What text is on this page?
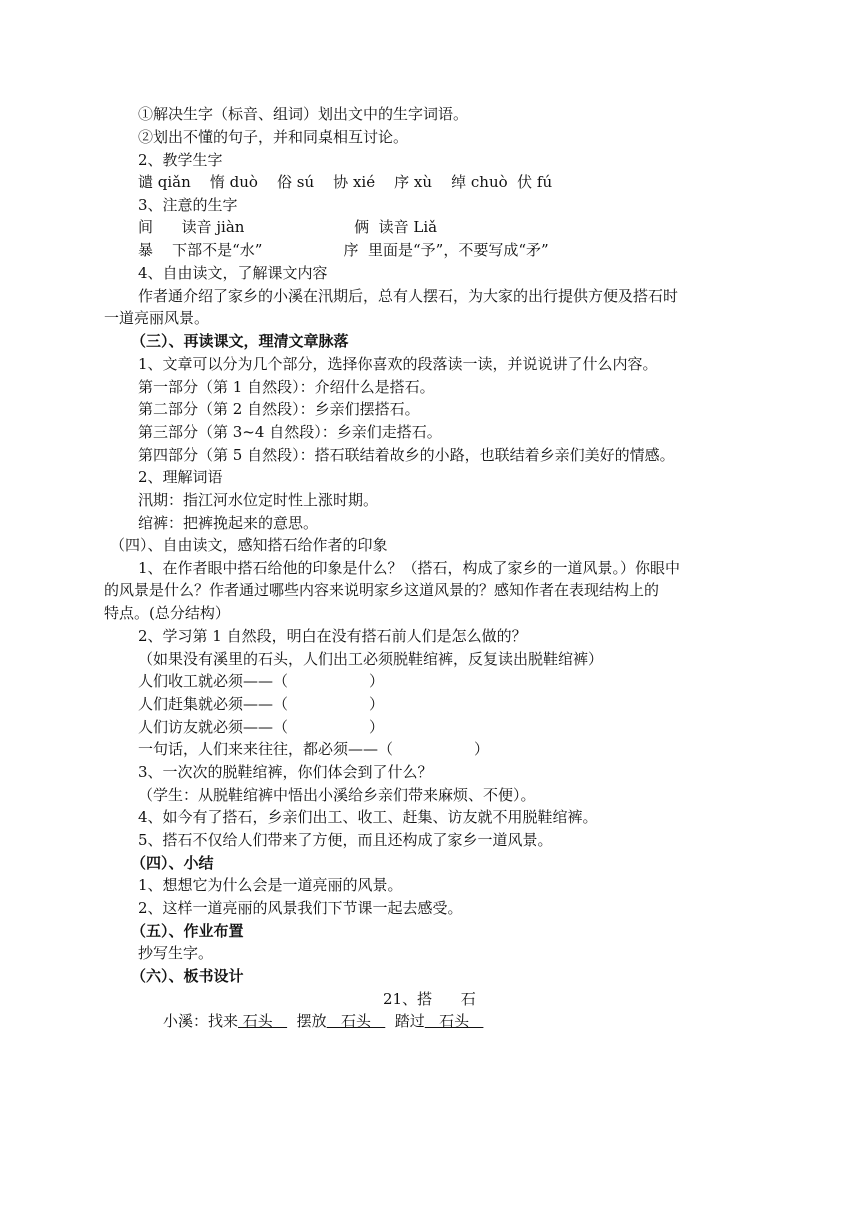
①解决生字（标音、组词）划出文中的生字词语。
②划出不懂的句子，并和同桌相互讨论。
2、教学生字
谴 qiǎn    惰 duò    俗 sú    协 xié    序 xù    绰 chuò  伏 fú
3、注意的生字
间      读音 jiàn                       俩  读音 Liǎ
暴    下部不是“水”                 序  里面是“予”，不要写成“矛”
4、自由读文，了解课文内容
作者通介绍了家乡的小溪在汛期后，总有人摆石，为大家的出行提供方便及搭石时
一道亮丽风景。
（三）、再读课文，理清文章脉落
1、文章可以分为几个部分，选择你喜欢的段落读一读，并说说讲了什么内容。
第一部分（第 1 自然段）：介绍什么是搭石。
第二部分（第 2 自然段）：乡亲们摆搭石。
第三部分（第 3~4 自然段）：乡亲们走搭石。
第四部分（第 5 自然段）：搭石联结着故乡的小路，也联结着乡亲们美好的情感。
2、理解词语
汛期：指江河水位定时性上涨时期。
绾裤：把裤挽起来的意思。
（四）、自由读文，感知搭石给作者的印象
1、在作者眼中搭石给他的印象是什么？（搭石，构成了家乡的一道风景。）你眼中
的风景是什么？作者通过哪些内容来说明家乡这道风景的？感知作者在表现结构上的
特点。(总分结构）
2、学习第 1 自然段，明白在没有搭石前人们是怎么做的？
（如果没有溪里的石头，人们出工必须脱鞋绾裤，反复读出脱鞋绾裤）
人们收工就必须——（                 ）
人们赶集就必须——（                 ）
人们访友就必须——（                 ）
一句话，人们来来往往，都必须——（                 ）
3、一次次的脱鞋绾裤，你们体会到了什么？
（学生：从脱鞋绾裤中悟出小溪给乡亲们带来麻烦、不便）。
4、如今有了搭石，乡亲们出工、收工、赶集、访友就不用脱鞋绾裤。
5、搭石不仅给人们带来了方便，而且还构成了家乡一道风景。
（四）、小结
1、想想它为什么会是一道亮丽的风景。
2、这样一道亮丽的风景我们下节课一起去感受。
（五）、作业布置
抄写生字。
（六）、板书设计
21、搭      石
小溪：找来 石头     摆放   石头     踏过   石头
